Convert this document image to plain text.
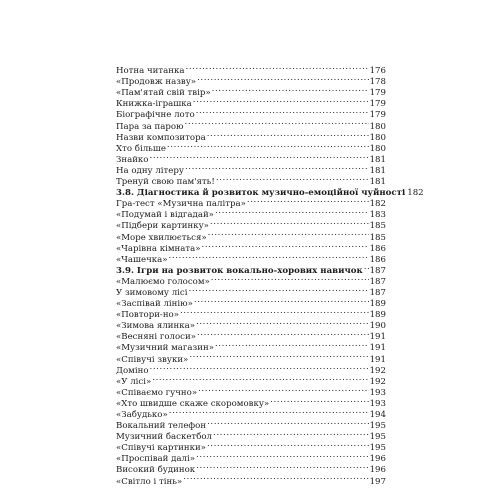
Нотна читанка .....	176
«Продовж назву» .....	178
«Пам'ятай свій твір» .....	179
Книжка-іграшка .....	179
Біографічне лото .....	179
Пара за парою .....	180
Назви композитора .....	180
Хто більше .....	180
Знайко .....	181
На одну літеру .....	181
Тренуй свою пам'ять! .....	181
3.8. Діагностика й розвиток музично-емоційної чуйності 182
Гра-тест «Музична палітра» .....	182
«Подумай і відгадай» .....	183
«Підбери картинку» .....	185
«Море хвилюється» .....	185
«Чарівна кімната» .....	186
«Чашечка» .....	186
3.9. Ігри на розвиток вокально-хорових навичок ..... 187
«Малюємо голосом» .....	187
У зимовому лісі .....	187
«Заспівай лінію» .....	189
«Повтори-но» .....	189
«Зимова ялинка» .....	190
«Весняні голоси» .....	191
«Музичний магазин» .....	191
«Співучі звуки» .....	191
Доміно .....	192
«У лісі» .....	192
«Співаємо гучно» .....	193
«Хто швидше скаже скоромовку» .....	193
«Забудько» .....	194
Вокальний телефон .....	195
Музичний баскетбол .....	195
«Співучі картинки» .....	195
«Проспівай далі» .....	196
Високий будинок .....	196
«Світло і тінь» .....	197
